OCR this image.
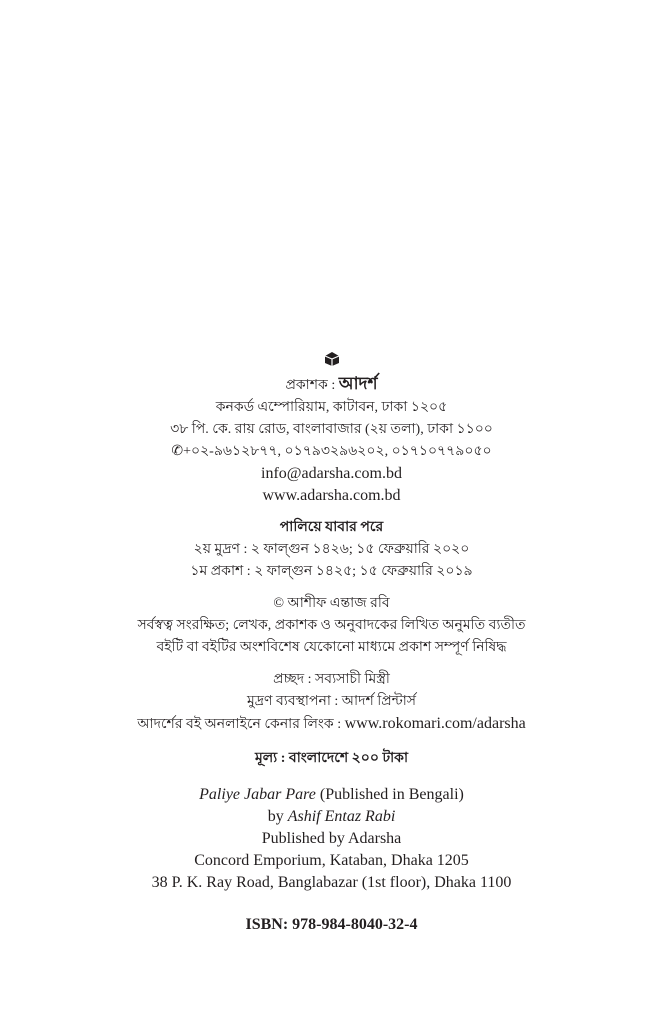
প্রকাশক : আদর্শ
কনকর্ড এম্পোরিয়াম, কাটাবন, ঢাকা ১২০৫
৩৮ পি. কে. রায় রোড, বাংলাবাজার (২য় তলা), ঢাকা ১১০০
✆+০২-৯৬১২৮৭৭, ০১৭৯৩২৯৬২০২, ০১৭১০৭৭৯০৫০
info@adarsha.com.bd
www.adarsha.com.bd
পালিয়ে যাবার পরে
২য় মুদ্রণ : ২ ফাল্গুন ১৪২৬; ১৫ ফেব্রুয়ারি ২০২০
১ম প্রকাশ : ২ ফাল্গুন ১৪২৫; ১৫ ফেব্রুয়ারি ২০১৯
© আশীফ এন্তাজ রবি
সর্বস্বত্ব সংরক্ষিত; লেখক, প্রকাশক ও অনুবাদকের লিখিত অনুমতি ব্যতীত
বইটি বা বইটির অংশবিশেষ যেকোনো মাধ্যমে প্রকাশ সম্পূর্ণ নিষিদ্ধ
প্রচ্ছদ : সব্যসাচী মিস্ত্রী
মুদ্রণ ব্যবস্থাপনা : আদর্শ প্রিন্টার্স
আদর্শের বই অনলাইনে কেনার লিংক : www.rokomari.com/adarsha
মূল্য : বাংলাদেশে ২০০ টাকা
Paliye Jabar Pare (Published in Bengali)
by Ashif Entaz Rabi
Published by Adarsha
Concord Emporium, Kataban, Dhaka 1205
38 P. K. Ray Road, Banglabazar (1st floor), Dhaka 1100
ISBN: 978-984-8040-32-4
